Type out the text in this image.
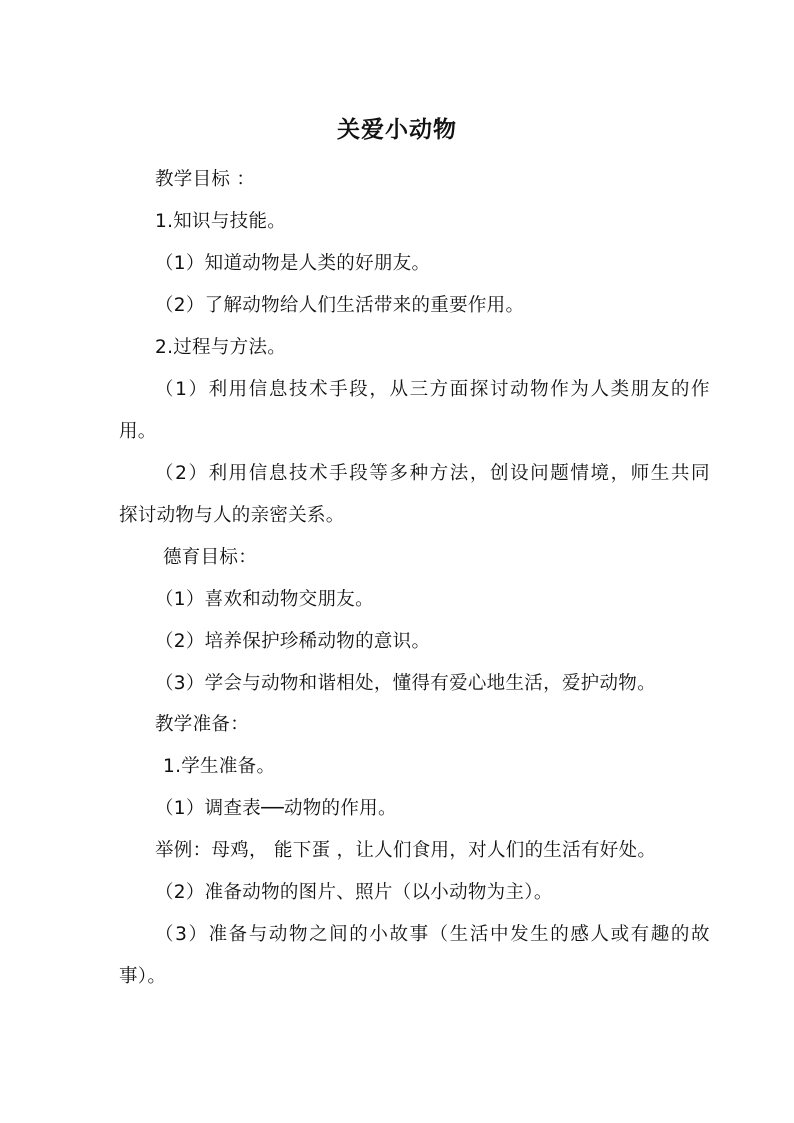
关爱小动物
教学目标 ：
1.知识与技能。
（1）知道动物是人类的好朋友。
（2）了解动物给人们生活带来的重要作用。
2.过程与方法。
（1）利用信息技术手段，从三方面探讨动物作为人类朋友的作
用。
（2）利用信息技术手段等多种方法，创设问题情境，师生共同
探讨动物与人的亲密关系。
德育目标：
（1）喜欢和动物交朋友。
（2）培养保护珍稀动物的意识。
（3）学会与动物和谐相处，懂得有爱心地生活，爱护动物。
教学准备：
1.学生准备。
（1）调查表──动物的作用。
举例：母鸡， 能下蛋 ，让人们食用，对人们的生活有好处。
（2）准备动物的图片、照片（以小动物为主）。
（3）准备与动物之间的小故事（生活中发生的感人或有趣的故
事）。
